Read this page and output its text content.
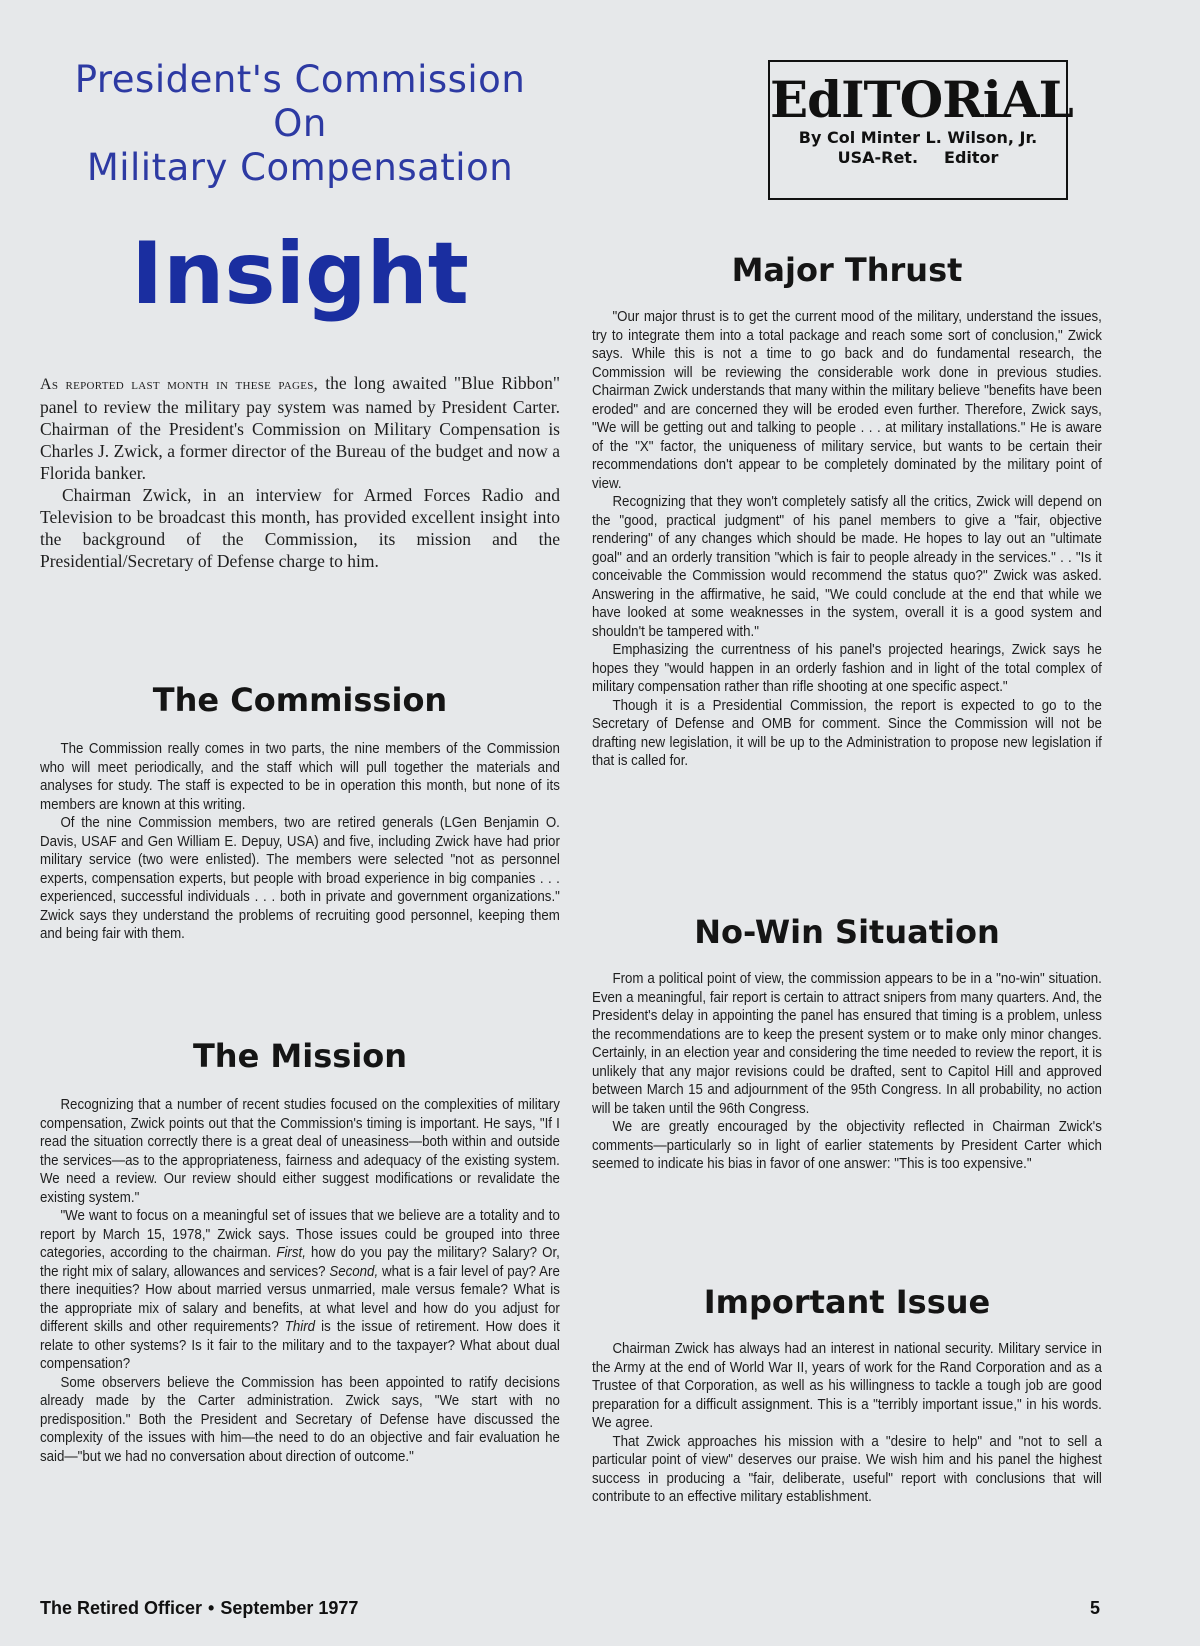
President's Commission
On
Military Compensation
Insight

As reported last month in these pages, the long awaited "Blue Ribbon" panel to review the military pay system was named by President Carter. Chairman of the President's Commission on Military Compensation is Charles J. Zwick, a former director of the Bureau of the budget and now a Florida banker.

Chairman Zwick, in an interview for Armed Forces Radio and Television to be broadcast this month, has provided excellent insight into the background of the Commission, its mission and the Presidential/Secretary of Defense charge to him.

The Commission

The Commission really comes in two parts, the nine members of the Commission who will meet periodically, and the staff which will pull together the materials and analyses for study. The staff is expected to be in operation this month, but none of its members are known at this writing.

Of the nine Commission members, two are retired generals (LGen Benjamin O. Davis, USAF and Gen William E. Depuy, USA) and five, including Zwick have had prior military service (two were enlisted). The members were selected "not as personnel experts, compensation experts, but people with broad experience in big companies . . . experienced, successful individuals . . . both in private and government organizations." Zwick says they understand the problems of recruiting good personnel, keeping them and being fair with them.

The Mission

Recognizing that a number of recent studies focused on the complexities of military compensation, Zwick points out that the Commission's timing is important. He says, "If I read the situation correctly there is a great deal of uneasiness—both within and outside the services—as to the appropriateness, fairness and adequacy of the existing system. We need a review. Our review should either suggest modifications or revalidate the existing system."

"We want to focus on a meaningful set of issues that we believe are a totality and to report by March 15, 1978," Zwick says. Those issues could be grouped into three categories, according to the chairman. First, how do you pay the military? Salary? Or, the right mix of salary, allowances and services? Second, what is a fair level of pay? Are there inequities? How about married versus unmarried, male versus female? What is the appropriate mix of salary and benefits, at what level and how do you adjust for different skills and other requirements? Third is the issue of retirement. How does it relate to other systems? Is it fair to the military and to the taxpayer? What about dual compensation?

Some observers believe the Commission has been appointed to ratify decisions already made by the Carter administration. Zwick says, "We start with no predisposition." Both the President and Secretary of Defense have discussed the complexity of the issues with him—the need to do an objective and fair evaluation he said—"but we had no conversation about direction of outcome."

EdITORiAL
By Col Minter L. Wilson, Jr.
USA-Ret. Editor
Major Thrust

"Our major thrust is to get the current mood of the military, understand the issues, try to integrate them into a total package and reach some sort of conclusion," Zwick says. While this is not a time to go back and do fundamental research, the Commission will be reviewing the considerable work done in previous studies. Chairman Zwick understands that many within the military believe "benefits have been eroded" and are concerned they will be eroded even further. Therefore, Zwick says, "We will be getting out and talking to people . . . at military installations." He is aware of the "X" factor, the uniqueness of military service, but wants to be certain their recommendations don't appear to be completely dominated by the military point of view.

Recognizing that they won't completely satisfy all the critics, Zwick will depend on the "good, practical judgment" of his panel members to give a "fair, objective rendering" of any changes which should be made. He hopes to lay out an "ultimate goal" and an orderly transition "which is fair to people already in the services." . . "Is it conceivable the Commission would recommend the status quo?" Zwick was asked. Answering in the affirmative, he said, "We could conclude at the end that while we have looked at some weaknesses in the system, overall it is a good system and shouldn't be tampered with."

Emphasizing the currentness of his panel's projected hearings, Zwick says he hopes they "would happen in an orderly fashion and in light of the total complex of military compensation rather than rifle shooting at one specific aspect."

Though it is a Presidential Commission, the report is expected to go to the Secretary of Defense and OMB for comment. Since the Commission will not be drafting new legislation, it will be up to the Administration to propose new legislation if that is called for.

No-Win Situation

From a political point of view, the commission appears to be in a "no-win" situation. Even a meaningful, fair report is certain to attract snipers from many quarters. And, the President's delay in appointing the panel has ensured that timing is a problem, unless the recommendations are to keep the present system or to make only minor changes. Certainly, in an election year and considering the time needed to review the report, it is unlikely that any major revisions could be drafted, sent to Capitol Hill and approved between March 15 and adjournment of the 95th Congress. In all probability, no action will be taken until the 96th Congress.

We are greatly encouraged by the objectivity reflected in Chairman Zwick's comments—particularly so in light of earlier statements by President Carter which seemed to indicate his bias in favor of one answer: "This is too expensive."

Important Issue

Chairman Zwick has always had an interest in national security. Military service in the Army at the end of World War II, years of work for the Rand Corporation and as a Trustee of that Corporation, as well as his willingness to tackle a tough job are good preparation for a difficult assignment. This is a "terribly important issue," in his words. We agree.

That Zwick approaches his mission with a "desire to help" and "not to sell a particular point of view" deserves our praise. We wish him and his panel the highest success in producing a "fair, deliberate, useful" report with conclusions that will contribute to an effective military establishment.

The Retired Officer • September 1977	5
